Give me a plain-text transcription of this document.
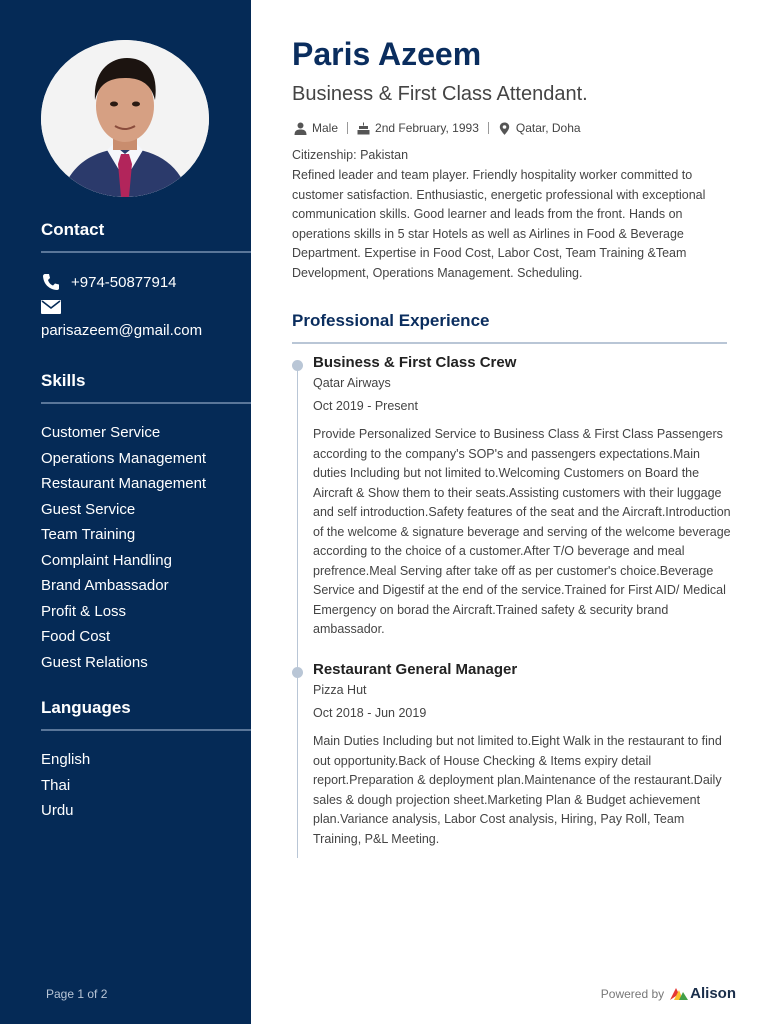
Contact
+974-50877914
parisazeem@gmail.com
Skills
Customer Service
Operations Management
Restaurant Management
Guest Service
Team Training
Complaint Handling
Brand Ambassador
Profit & Loss
Food Cost
Guest Relations
Languages
English
Thai
Urdu
Page 1 of 2
Paris Azeem
Business & First Class Attendant.
Male	2nd February, 1993	Qatar, Doha
Citizenship: Pakistan
Refined leader and team player. Friendly hospitality worker committed to customer satisfaction. Enthusiastic, energetic professional with exceptional communication skills. Good learner and leads from the front. Hands on operations skills in 5 star Hotels as well as Airlines in Food & Beverage Department. Expertise in Food Cost, Labor Cost, Team Training &Team Development, Operations Management. Scheduling.
Professional Experience
Business & First Class Crew
Qatar Airways
Oct 2019 - Present
Provide Personalized Service to Business Class & First Class Passengers according to the company's SOP's and passengers expectations.Main duties Including but not limited to.Welcoming Customers on Board the Aircraft & Show them to their seats.Assisting customers with their luggage and self introduction.Safety features of the seat and the Aircraft.Introduction of the welcome & signature beverage and serving of the welcome beverage according to the choice of a customer.After T/O beverage and meal prefrence.Meal Serving after take off as per customer's choice.Beverage Service and Digestif at the end of the service.Trained for First AID/ Medical Emergency on borad the Aircraft.Trained safety & security brand ambassador.
Restaurant General Manager
Pizza Hut
Oct 2018 - Jun 2019
Main Duties Including but not limited to.Eight Walk in the restaurant to find out opportunity.Back of House Checking & Items expiry detail report.Preparation & deployment plan.Maintenance of the restaurant.Daily sales & dough projection sheet.Marketing Plan & Budget achievement plan.Variance analysis, Labor Cost analysis, Hiring, Pay Roll, Team Training, P&L Meeting.
Powered by Alison
